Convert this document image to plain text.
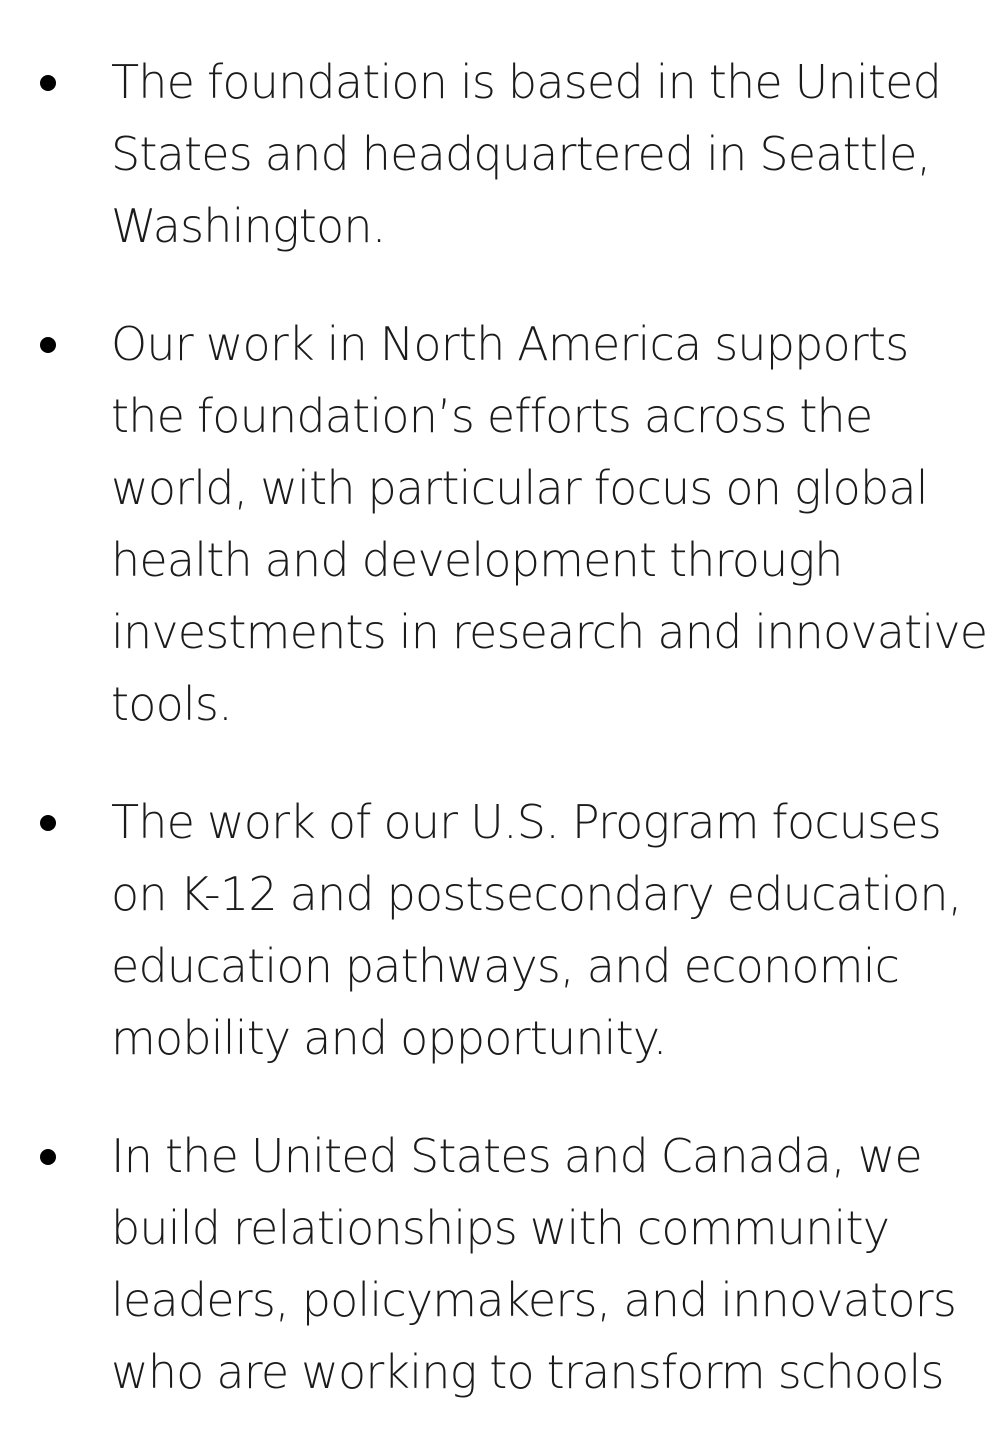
The foundation is based in the United States and headquartered in Seattle, Washington.
Our work in North America supports the foundation’s efforts across the world, with particular focus on global health and development through investments in research and innovative tools.
The work of our U.S. Program focuses on K-12 and postsecondary education, education pathways, and economic mobility and opportunity.
In the United States and Canada, we build relationships with community leaders, policymakers, and innovators who are working to transform schools
